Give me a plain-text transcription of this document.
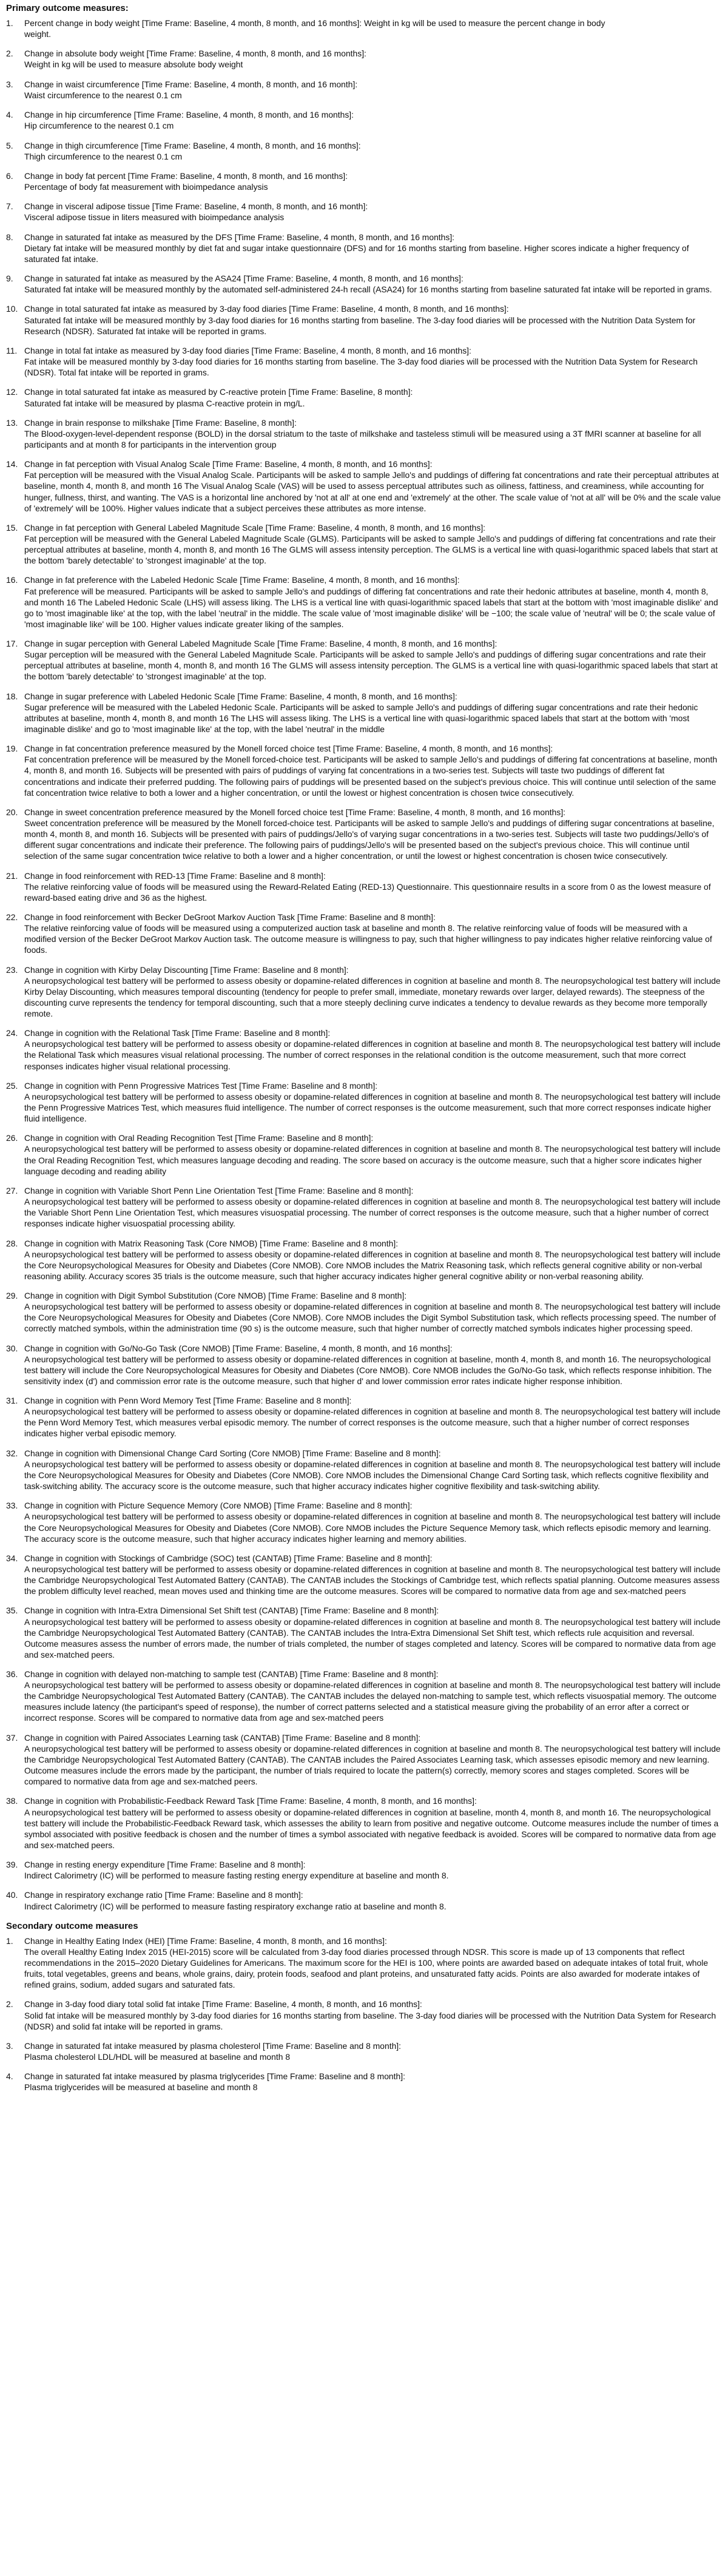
Primary outcome measures:
1. Percent change in body weight [Time Frame: Baseline, 4 month, 8 month, and 16 months]: Weight in kg will be used to measure the percent change in body
weight.
2. Change in absolute body weight [Time Frame: Baseline, 4 month, 8 month, and 16 months]:
Weight in kg will be used to measure absolute body weight
3. Change in waist circumference [Time Frame: Baseline, 4 month, 8 month, and 16 month]:
Waist circumference to the nearest 0.1 cm
4. Change in hip circumference [Time Frame: Baseline, 4 month, 8 month, and 16 months]:
Hip circumference to the nearest 0.1 cm
5. Change in thigh circumference [Time Frame: Baseline, 4 month, 8 month, and 16 months]:
Thigh circumference to the nearest 0.1 cm
6. Change in body fat percent [Time Frame: Baseline, 4 month, 8 month, and 16 months]:
Percentage of body fat measurement with bioimpedance analysis
7. Change in visceral adipose tissue [Time Frame: Baseline, 4 month, 8 month, and 16 month]:
Visceral adipose tissue in liters measured with bioimpedance analysis
8. Change in saturated fat intake as measured by the DFS [Time Frame: Baseline, 4 month, 8 month, and 16 months]:
Dietary fat intake will be measured monthly by diet fat and sugar intake questionnaire (DFS) and for 16 months starting from baseline. Higher scores indicate a higher frequency of saturated fat intake.
9. Change in saturated fat intake as measured by the ASA24 [Time Frame: Baseline, 4 month, 8 month, and 16 months]:
Saturated fat intake will be measured monthly by the automated self-administered 24-h recall (ASA24) for 16 months starting from baseline saturated fat intake will be reported in grams.
10. Change in total saturated fat intake as measured by 3-day food diaries [Time Frame: Baseline, 4 month, 8 month, and 16 months]:
Saturated fat intake will be measured monthly by 3-day food diaries for 16 months starting from baseline. The 3-day food diaries will be processed with the Nutrition Data System for Research (NDSR). Saturated fat intake will be reported in grams.
11. Change in total fat intake as measured by 3-day food diaries [Time Frame: Baseline, 4 month, 8 month, and 16 months]:
Fat intake will be measured monthly by 3-day food diaries for 16 months starting from baseline. The 3-day food diaries will be processed with the Nutrition Data System for Research (NDSR). Total fat intake will be reported in grams.
12. Change in total saturated fat intake as measured by C-reactive protein [Time Frame: Baseline, 8 month]:
Saturated fat intake will be measured by plasma C-reactive protein in mg/L.
13. Change in brain response to milkshake [Time Frame: Baseline, 8 month]:
The Blood-oxygen-level-dependent response (BOLD) in the dorsal striatum to the taste of milkshake and tasteless stimuli will be measured using a 3T fMRI scanner at baseline for all participants and at month 8 for participants in the intervention group
14. Change in fat perception with Visual Analog Scale [Time Frame: Baseline, 4 month, 8 month, and 16 months]:
Fat perception will be measured with the Visual Analog Scale. Participants will be asked to sample Jello's and puddings of differing fat concentrations and rate their perceptual attributes at baseline, month 4, month 8, and month 16 The Visual Analog Scale (VAS) will be used to assess perceptual attributes such as oiliness, fattiness, and creaminess, while accounting for hunger, fullness, thirst, and wanting. The VAS is a horizontal line anchored by 'not at all' at one end and 'extremely' at the other. The scale value of 'not at all' will be 0% and the scale value of 'extremely' will be 100%. Higher values indicate that a subject perceives these attributes as more intense.
15. Change in fat perception with General Labeled Magnitude Scale [Time Frame: Baseline, 4 month, 8 month, and 16 months]:
Fat perception will be measured with the General Labeled Magnitude Scale (GLMS). Participants will be asked to sample Jello's and puddings of differing fat concentrations and rate their perceptual attributes at baseline, month 4, month 8, and month 16 The GLMS will assess intensity perception. The GLMS is a vertical line with quasi-logarithmic spaced labels that start at the bottom 'barely detectable' to 'strongest imaginable' at the top.
16. Change in fat preference with the Labeled Hedonic Scale [Time Frame: Baseline, 4 month, 8 month, and 16 months]:
Fat preference will be measured. Participants will be asked to sample Jello's and puddings of differing fat concentrations and rate their hedonic attributes at baseline, month 4, month 8, and month 16 The Labeled Hedonic Scale (LHS) will assess liking. The LHS is a vertical line with quasi-logarithmic spaced labels that start at the bottom with 'most imaginable dislike' and go to 'most imaginable like' at the top, with the label 'neutral' in the middle. The scale value of 'most imaginable dislike' will be −100; the scale value of 'neutral' will be 0; the scale value of 'most imaginable like' will be 100. Higher values indicate greater liking of the samples.
17. Change in sugar perception with General Labeled Magnitude Scale [Time Frame: Baseline, 4 month, 8 month, and 16 months]:
Sugar perception will be measured with the General Labeled Magnitude Scale. Participants will be asked to sample Jello's and puddings of differing sugar concentrations and rate their perceptual attributes at baseline, month 4, month 8, and month 16 The GLMS will assess intensity perception. The GLMS is a vertical line with quasi-logarithmic spaced labels that start at the bottom 'barely detectable' to 'strongest imaginable' at the top.
18. Change in sugar preference with Labeled Hedonic Scale [Time Frame: Baseline, 4 month, 8 month, and 16 months]:
Sugar preference will be measured with the Labeled Hedonic Scale. Participants will be asked to sample Jello's and puddings of differing sugar concentrations and rate their hedonic attributes at baseline, month 4, month 8, and month 16 The LHS will assess liking. The LHS is a vertical line with quasi-logarithmic spaced labels that start at the bottom with 'most imaginable dislike' and go to 'most imaginable like' at the top, with the label 'neutral' in the middle
19. Change in fat concentration preference measured by the Monell forced choice test [Time Frame: Baseline, 4 month, 8 month, and 16 months]:
Fat concentration preference will be measured by the Monell forced-choice test. Participants will be asked to sample Jello's and puddings of differing fat concentrations at baseline, month 4, month 8, and month 16. Subjects will be presented with pairs of puddings of varying fat concentrations in a two-series test. Subjects will taste two puddings of different fat concentrations and indicate their preferred pudding. The following pairs of puddings will be presented based on the subject's previous choice. This will continue until selection of the same fat concentration twice relative to both a lower and a higher concentration, or until the lowest or highest concentration is chosen twice consecutively.
20. Change in sweet concentration preference measured by the Monell forced choice test [Time Frame: Baseline, 4 month, 8 month, and 16 months]:
Sweet concentration preference will be measured by the Monell forced-choice test. Participants will be asked to sample Jello's and puddings of differing sugar concentrations at baseline, month 4, month 8, and month 16. Subjects will be presented with pairs of puddings/Jello's of varying sugar concentrations in a two-series test. Subjects will taste two puddings/Jello's of different sugar concentrations and indicate their preference. The following pairs of puddings/Jello's will be presented based on the subject's previous choice. This will continue until selection of the same sugar concentration twice relative to both a lower and a higher concentration, or until the lowest or highest concentration is chosen twice consecutively.
21. Change in food reinforcement with RED-13 [Time Frame: Baseline and 8 month]:
The relative reinforcing value of foods will be measured using the Reward-Related Eating (RED-13) Questionnaire. This questionnaire results in a score from 0 as the lowest measure of reward-based eating drive and 36 as the highest.
22. Change in food reinforcement with Becker DeGroot Markov Auction Task [Time Frame: Baseline and 8 month]:
The relative reinforcing value of foods will be measured using a computerized auction task at baseline and month 8. The relative reinforcing value of foods will be measured with a modified version of the Becker DeGroot Markov Auction task. The outcome measure is willingness to pay, such that higher willingness to pay indicates higher relative reinforcing value of foods.
23. Change in cognition with Kirby Delay Discounting [Time Frame: Baseline and 8 month]:
A neuropsychological test battery will be performed to assess obesity or dopamine-related differences in cognition at baseline and month 8. The neuropsychological test battery will include Kirby Delay Discounting, which measures temporal discounting (tendency for people to prefer small, immediate, monetary rewards over larger, delayed rewards). The steepness of the discounting curve represents the tendency for temporal discounting, such that a more steeply declining curve indicates a tendency to devalue rewards as they become more temporally remote.
24. Change in cognition with the Relational Task [Time Frame: Baseline and 8 month]:
A neuropsychological test battery will be performed to assess obesity or dopamine-related differences in cognition at baseline and month 8. The neuropsychological test battery will include the Relational Task which measures visual relational processing. The number of correct responses in the relational condition is the outcome measurement, such that more correct responses indicates higher visual relational processing.
25. Change in cognition with Penn Progressive Matrices Test [Time Frame: Baseline and 8 month]:
A neuropsychological test battery will be performed to assess obesity or dopamine-related differences in cognition at baseline and month 8. The neuropsychological test battery will include the Penn Progressive Matrices Test, which measures fluid intelligence. The number of correct responses is the outcome measurement, such that more correct responses indicate higher fluid intelligence.
26. Change in cognition with Oral Reading Recognition Test [Time Frame: Baseline and 8 month]:
A neuropsychological test battery will be performed to assess obesity or dopamine-related differences in cognition at baseline and month 8. The neuropsychological test battery will include the Oral Reading Recognition Test, which measures language decoding and reading. The score based on accuracy is the outcome measure, such that a higher score indicates higher language decoding and reading ability
27. Change in cognition with Variable Short Penn Line Orientation Test [Time Frame: Baseline and 8 month]:
A neuropsychological test battery will be performed to assess obesity or dopamine-related differences in cognition at baseline and month 8. The neuropsychological test battery will include the Variable Short Penn Line Orientation Test, which measures visuospatial processing. The number of correct responses is the outcome measure, such that a higher number of correct responses indicate higher visuospatial processing ability.
28. Change in cognition with Matrix Reasoning Task (Core NMOB) [Time Frame: Baseline and 8 month]:
A neuropsychological test battery will be performed to assess obesity or dopamine-related differences in cognition at baseline and month 8. The neuropsychological test battery will include the Core Neuropsychological Measures for Obesity and Diabetes (Core NMOB). Core NMOB includes the Matrix Reasoning task, which reflects general cognitive ability or non-verbal reasoning ability. Accuracy scores 35 trials is the outcome measure, such that higher accuracy indicates higher general cognitive ability or non-verbal reasoning ability.
29. Change in cognition with Digit Symbol Substitution (Core NMOB) [Time Frame: Baseline and 8 month]:
A neuropsychological test battery will be performed to assess obesity or dopamine-related differences in cognition at baseline and month 8. The neuropsychological test battery will include the Core Neuropsychological Measures for Obesity and Diabetes (Core NMOB). Core NMOB includes the Digit Symbol Substitution task, which reflects processing speed. The number of correctly matched symbols, within the administration time (90 s) is the outcome measure, such that higher number of correctly matched symbols indicates higher processing speed.
30. Change in cognition with Go/No-Go Task (Core NMOB) [Time Frame: Baseline, 4 month, 8 month, and 16 months]:
A neuropsychological test battery will be performed to assess obesity or dopamine-related differences in cognition at baseline, month 4, month 8, and month 16. The neuropsychological test battery will include the Core Neuropsychological Measures for Obesity and Diabetes (Core NMOB). Core NMOB includes the Go/No-Go task, which reflects response inhibition. The sensitivity index (d') and commission error rate is the outcome measure, such that higher d' and lower commission error rates indicate higher response inhibition.
31. Change in cognition with Penn Word Memory Test [Time Frame: Baseline and 8 month]:
A neuropsychological test battery will be performed to assess obesity or dopamine-related differences in cognition at baseline and month 8. The neuropsychological test battery will include the Penn Word Memory Test, which measures verbal episodic memory. The number of correct responses is the outcome measure, such that a higher number of correct responses indicates higher verbal episodic memory.
32. Change in cognition with Dimensional Change Card Sorting (Core NMOB) [Time Frame: Baseline and 8 month]:
A neuropsychological test battery will be performed to assess obesity or dopamine-related differences in cognition at baseline and month 8. The neuropsychological test battery will include the Core Neuropsychological Measures for Obesity and Diabetes (Core NMOB). Core NMOB includes the Dimensional Change Card Sorting task, which reflects cognitive flexibility and task-switching ability. The accuracy score is the outcome measure, such that higher accuracy indicates higher cognitive flexibility and task-switching ability.
33. Change in cognition with Picture Sequence Memory (Core NMOB) [Time Frame: Baseline and 8 month]:
A neuropsychological test battery will be performed to assess obesity or dopamine-related differences in cognition at baseline and month 8. The neuropsychological test battery will include the Core Neuropsychological Measures for Obesity and Diabetes (Core NMOB). Core NMOB includes the Picture Sequence Memory task, which reflects episodic memory and learning. The accuracy score is the outcome measure, such that higher accuracy indicates higher learning and memory abilities.
34. Change in cognition with Stockings of Cambridge (SOC) test (CANTAB) [Time Frame: Baseline and 8 month]:
A neuropsychological test battery will be performed to assess obesity or dopamine-related differences in cognition at baseline and month 8. The neuropsychological test battery will include the Cambridge Neuropsychological Test Automated Battery (CANTAB). The CANTAB includes the Stockings of Cambridge test, which reflects spatial planning. Outcome measures assess the problem difficulty level reached, mean moves used and thinking time are the outcome measures. Scores will be compared to normative data from age and sex-matched peers
35. Change in cognition with Intra-Extra Dimensional Set Shift test (CANTAB) [Time Frame: Baseline and 8 month]:
A neuropsychological test battery will be performed to assess obesity or dopamine-related differences in cognition at baseline and month 8. The neuropsychological test battery will include the Cambridge Neuropsychological Test Automated Battery (CANTAB). The CANTAB includes the Intra-Extra Dimensional Set Shift test, which reflects rule acquisition and reversal. Outcome measures assess the number of errors made, the number of trials completed, the number of stages completed and latency. Scores will be compared to normative data from age and sex-matched peers.
36. Change in cognition with delayed non-matching to sample test (CANTAB) [Time Frame: Baseline and 8 month]:
A neuropsychological test battery will be performed to assess obesity or dopamine-related differences in cognition at baseline and month 8. The neuropsychological test battery will include the Cambridge Neuropsychological Test Automated Battery (CANTAB). The CANTAB includes the delayed non-matching to sample test, which reflects visuospatial memory. The outcome measures include latency (the participant's speed of response), the number of correct patterns selected and a statistical measure giving the probability of an error after a correct or incorrect response. Scores will be compared to normative data from age and sex-matched peers
37. Change in cognition with Paired Associates Learning task (CANTAB) [Time Frame: Baseline and 8 month]:
A neuropsychological test battery will be performed to assess obesity or dopamine-related differences in cognition at baseline and month 8. The neuropsychological test battery will include the Cambridge Neuropsychological Test Automated Battery (CANTAB). The CANTAB includes the Paired Associates Learning task, which assesses episodic memory and new learning. Outcome measures include the errors made by the participant, the number of trials required to locate the pattern(s) correctly, memory scores and stages completed. Scores will be compared to normative data from age and sex-matched peers.
38. Change in cognition with Probabilistic-Feedback Reward Task [Time Frame: Baseline, 4 month, 8 month, and 16 months]:
A neuropsychological test battery will be performed to assess obesity or dopamine-related differences in cognition at baseline, month 4, month 8, and month 16. The neuropsychological test battery will include the Probabilistic-Feedback Reward task, which assesses the ability to learn from positive and negative outcome. Outcome measures include the number of times a symbol associated with positive feedback is chosen and the number of times a symbol associated with negative feedback is avoided. Scores will be compared to normative data from age and sex-matched peers.
39. Change in resting energy expenditure [Time Frame: Baseline and 8 month]:
Indirect Calorimetry (IC) will be performed to measure fasting resting energy expenditure at baseline and month 8.
40. Change in respiratory exchange ratio [Time Frame: Baseline and 8 month]:
Indirect Calorimetry (IC) will be performed to measure fasting respiratory exchange ratio at baseline and month 8.
Secondary outcome measures
1. Change in Healthy Eating Index (HEI) [Time Frame: Baseline, 4 month, 8 month, and 16 months]:
The overall Healthy Eating Index 2015 (HEI-2015) score will be calculated from 3-day food diaries processed through NDSR. This score is made up of 13 components that reflect recommendations in the 2015–2020 Dietary Guidelines for Americans. The maximum score for the HEI is 100, where points are awarded based on adequate intakes of total fruit, whole fruits, total vegetables, greens and beans, whole grains, dairy, protein foods, seafood and plant proteins, and unsaturated fatty acids. Points are also awarded for moderate intakes of refined grains, sodium, added sugars and saturated fats.
2. Change in 3-day food diary total solid fat intake [Time Frame: Baseline, 4 month, 8 month, and 16 months]:
Solid fat intake will be measured monthly by 3-day food diaries for 16 months starting from baseline. The 3-day food diaries will be processed with the Nutrition Data System for Research (NDSR) and solid fat intake will be reported in grams.
3. Change in saturated fat intake measured by plasma cholesterol [Time Frame: Baseline and 8 month]:
Plasma cholesterol LDL/HDL will be measured at baseline and month 8
4. Change in saturated fat intake measured by plasma triglycerides [Time Frame: Baseline and 8 month]:
Plasma triglycerides will be measured at baseline and month 8
